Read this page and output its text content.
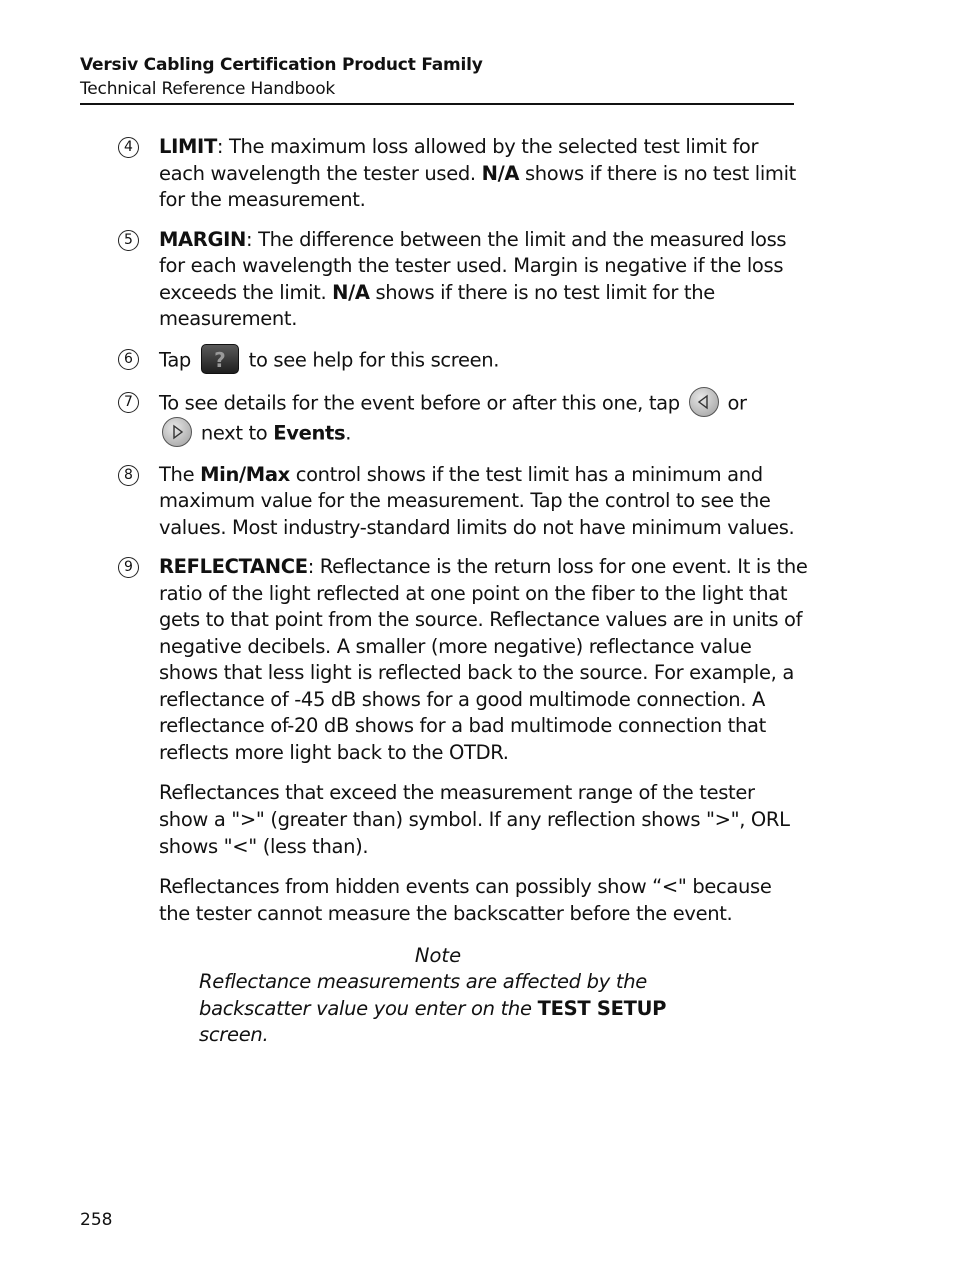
Versiv Cabling Certification Product Family
Technical Reference Handbook
4	LIMIT: The maximum loss allowed by the selected test limit for each wavelength the tester used. N/A shows if there is no test limit for the measurement.
5	MARGIN: The difference between the limit and the measured loss for each wavelength the tester used. Margin is negative if the loss exceeds the limit. N/A shows if there is no test limit for the measurement.
6	Tap ? to see help for this screen.
7	To see details for the event before or after this one, tap
or

next to Events.
8	The Min/Max control shows if the test limit has a minimum and maximum value for the measurement. Tap the control to see the values. Most industry-standard limits do not have minimum values.
9	REFLECTANCE: Reflectance is the return loss for one event. It is the ratio of the light reflected at one point on the fiber to the light that gets to that point from the source. Reflectance values are in units of negative decibels. A smaller (more negative) reflectance value shows that less light is reflected back to the source. For example, a reflectance of -45 dB shows for a good multimode connection. A reflectance of-20 dB shows for a bad multimode connection that reflects more light back to the OTDR.
Reflectances that exceed the measurement range of the tester show a ">" (greater than) symbol. If any reflection shows ">", ORL shows "<" (less than).
Reflectances from hidden events can possibly show “<" because the tester cannot measure the backscatter before the event.
Note
Reflectance measurements are affected by the backscatter value you enter on the TEST SETUP screen.
258
